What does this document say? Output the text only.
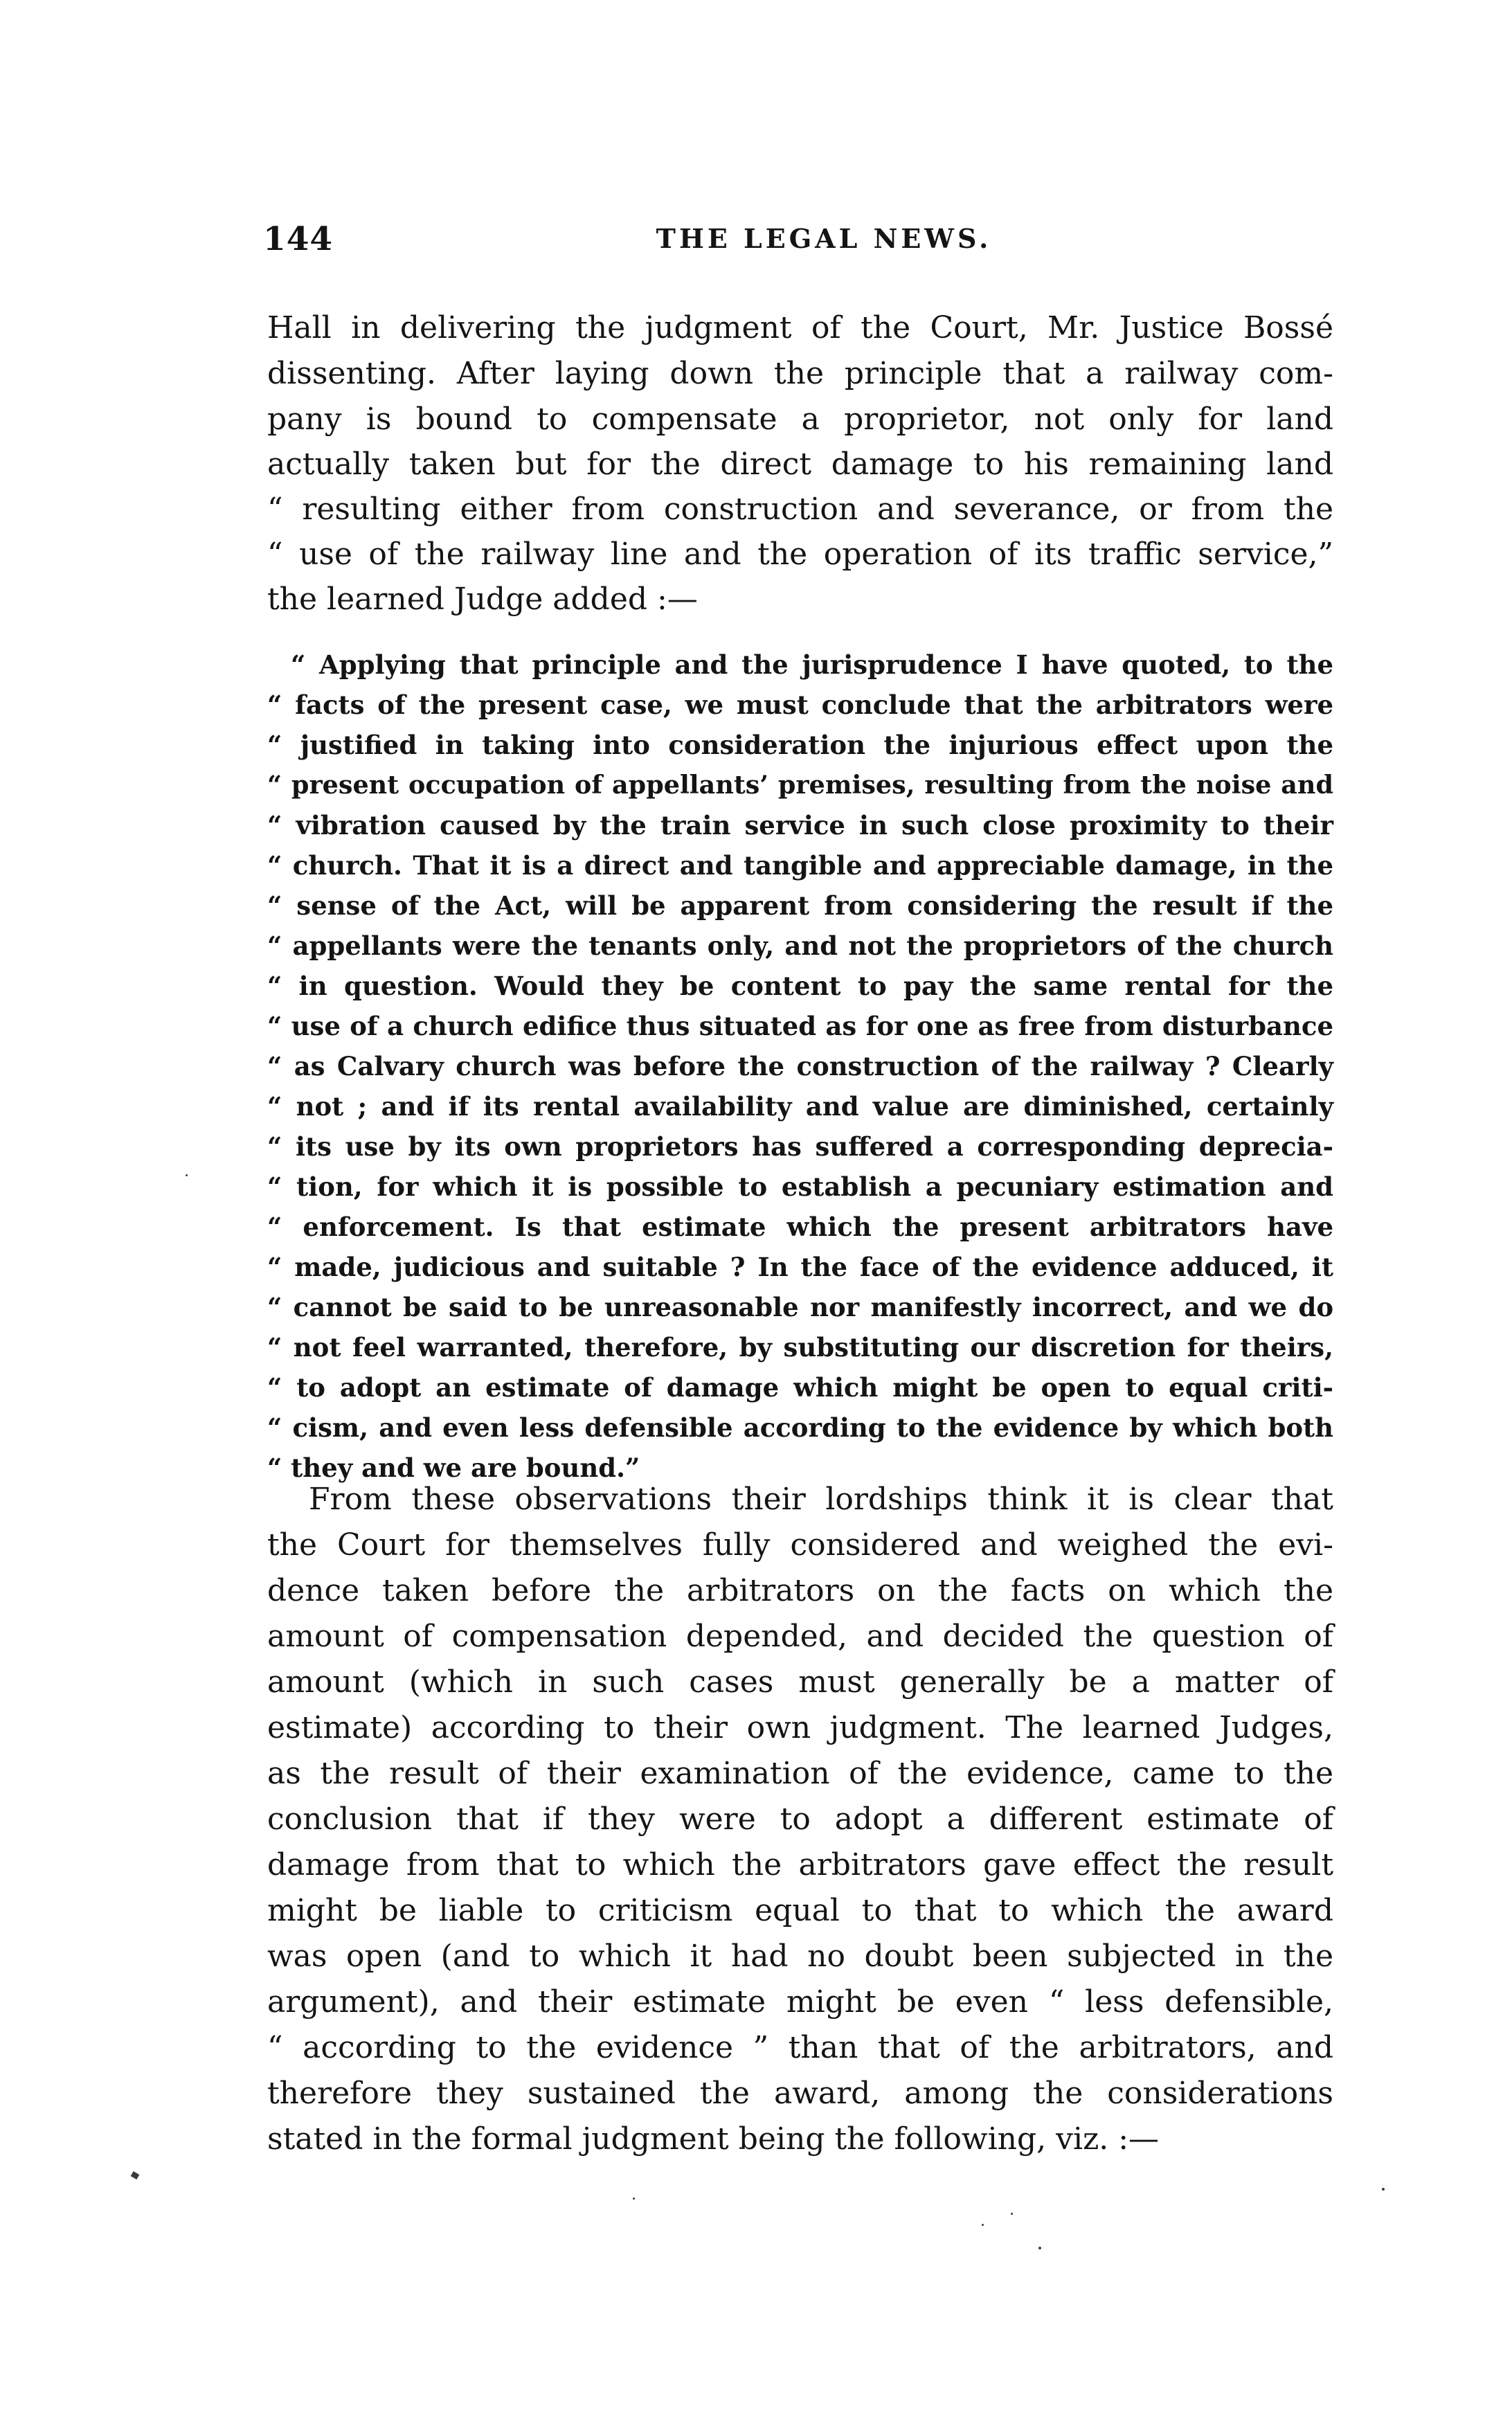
144	THE LEGAL NEWS.
Hall in delivering the judgment of the Court, Mr. Justice Bossé
dissenting. After laying down the principle that a railway com-
pany is bound to compensate a proprietor, not only for land
actually taken but for the direct damage to his remaining land
“ resulting either from construction and severance, or from the
“ use of the railway line and the operation of its traffic service,”
the learned Judge added :—
“ Applying that principle and the jurisprudence I have quoted, to the
“ facts of the present case, we must conclude that the arbitrators were
“ justified in taking into consideration the injurious effect upon the
“ present occupation of appellants’ premises, resulting from the noise and
“ vibration caused by the train service in such close proximity to their
“ church. That it is a direct and tangible and appreciable damage, in the
“ sense of the Act, will be apparent from considering the result if the
“ appellants were the tenants only, and not the proprietors of the church
“ in question. Would they be content to pay the same rental for the
“ use of a church edifice thus situated as for one as free from disturbance
“ as Calvary church was before the construction of the railway ? Clearly
“ not ; and if its rental availability and value are diminished, certainly
“ its use by its own proprietors has suffered a corresponding deprecia-
“ tion, for which it is possible to establish a pecuniary estimation and
“ enforcement. Is that estimate which the present arbitrators have
“ made, judicious and suitable ? In the face of the evidence adduced, it
“ cannot be said to be unreasonable nor manifestly incorrect, and we do
“ not feel warranted, therefore, by substituting our discretion for theirs,
“ to adopt an estimate of damage which might be open to equal criti-
“ cism, and even less defensible according to the evidence by which both
“ they and we are bound.”
From these observations their lordships think it is clear that
the Court for themselves fully considered and weighed the evi-
dence taken before the arbitrators on the facts on which the
amount of compensation depended, and decided the question of
amount (which in such cases must generally be a matter of
estimate) according to their own judgment. The learned Judges,
as the result of their examination of the evidence, came to the
conclusion that if they were to adopt a different estimate of
damage from that to which the arbitrators gave effect the result
might be liable to criticism equal to that to which the award
was open (and to which it had no doubt been subjected in the
argument), and their estimate might be even “ less defensible,
“ according to the evidence ” than that of the arbitrators, and
therefore they sustained the award, among the considerations
stated in the formal judgment being the following, viz. :—
